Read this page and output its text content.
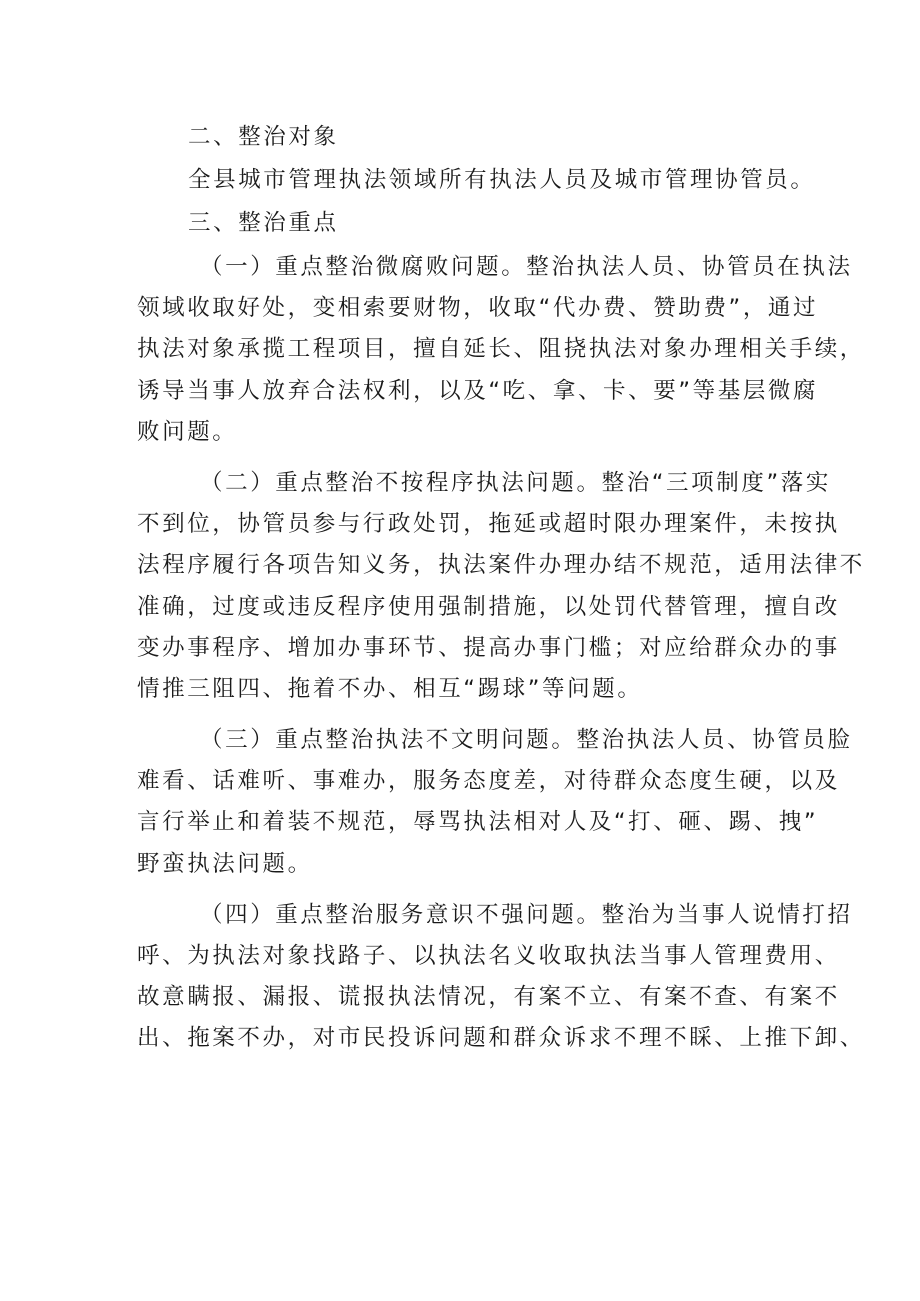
二、整治对象

全县城市管理执法领域所有执法人员及城市管理协管员。

三、整治重点

（一）重点整治微腐败问题。整治执法人员、协管员在执法
领域收取好处，变相索要财物，收取“代办费、赞助费”，通过
执法对象承揽工程项目，擅自延长、阻挠执法对象办理相关手续，
诱导当事人放弃合法权利，以及“吃、拿、卡、要”等基层微腐
败问题。
（二）重点整治不按程序执法问题。整治“三项制度”落实
不到位，协管员参与行政处罚，拖延或超时限办理案件，未按执
法程序履行各项告知义务，执法案件办理办结不规范，适用法律不
准确，过度或违反程序使用强制措施，以处罚代替管理，擅自改
变办事程序、增加办事环节、提高办事门槛；对应给群众办的事
情推三阻四、拖着不办、相互“踢球”等问题。
（三）重点整治执法不文明问题。整治执法人员、协管员脸
难看、话难听、事难办，服务态度差，对待群众态度生硬，以及
言行举止和着装不规范，辱骂执法相对人及“打、砸、踢、拽”
野蛮执法问题。
（四）重点整治服务意识不强问题。整治为当事人说情打招
呼、为执法对象找路子、以执法名义收取执法当事人管理费用、
故意瞒报、漏报、谎报执法情况，有案不立、有案不查、有案不
出、拖案不办，对市民投诉问题和群众诉求不理不睬、上推下卸、
